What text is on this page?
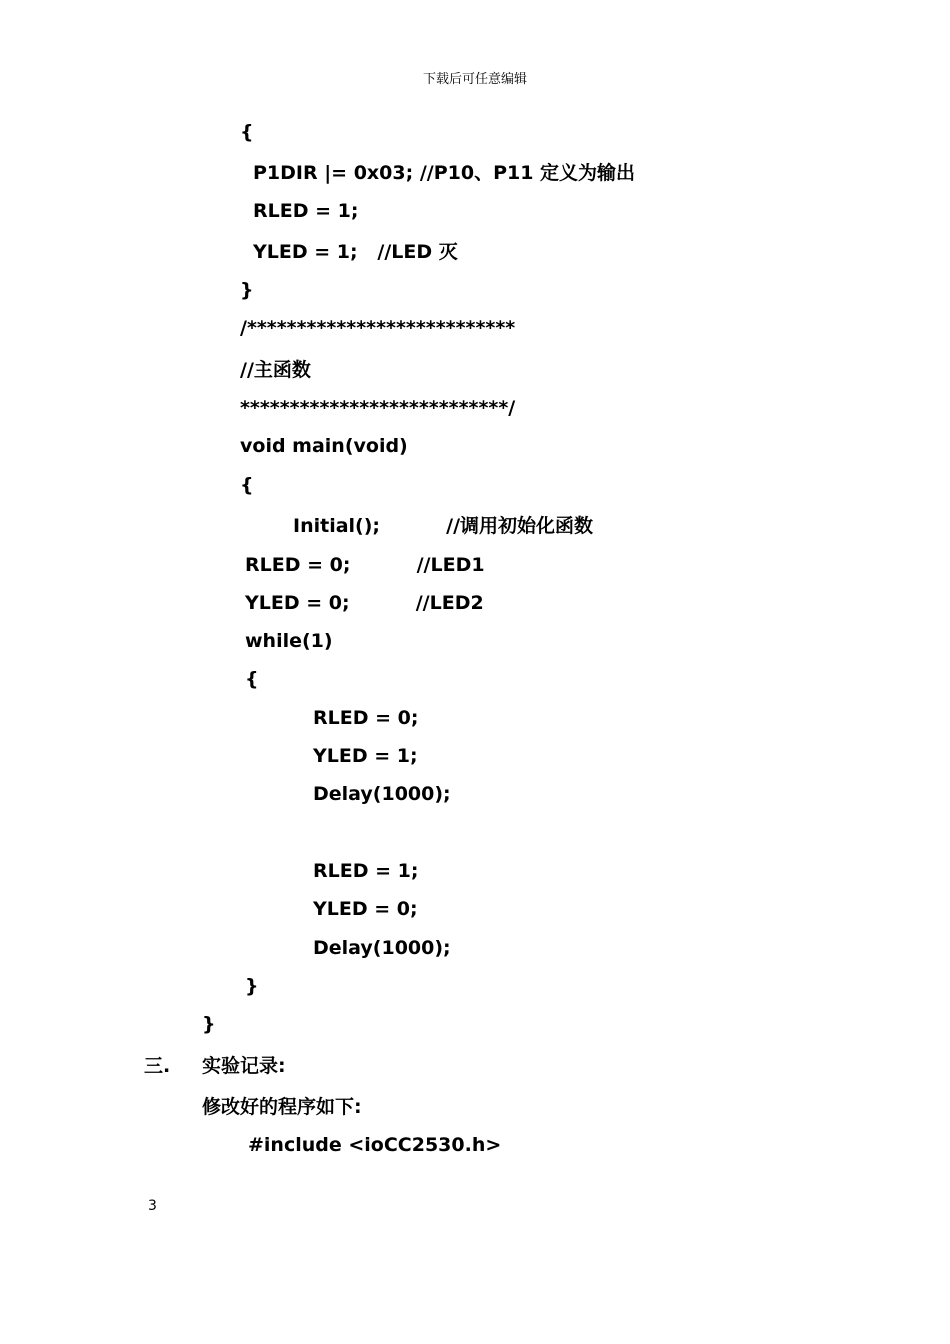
下载后可任意编辑
{
P1DIR |= 0x03; //P10、P11 定义为输出
RLED = 1;
YLED = 1;   //LED 灭
}
/***************************
//主函数
***************************/
void main(void)
{
Initial();          //调用初始化函数
RLED = 0;          //LED1
YLED = 0;          //LED2
while(1)
{
RLED = 0;
YLED = 1;
Delay(1000);
RLED = 1;
YLED = 0;
Delay(1000);
}
}
三. 实验记录:
修改好的程序如下:
#include <ioCC2530.h>
3
